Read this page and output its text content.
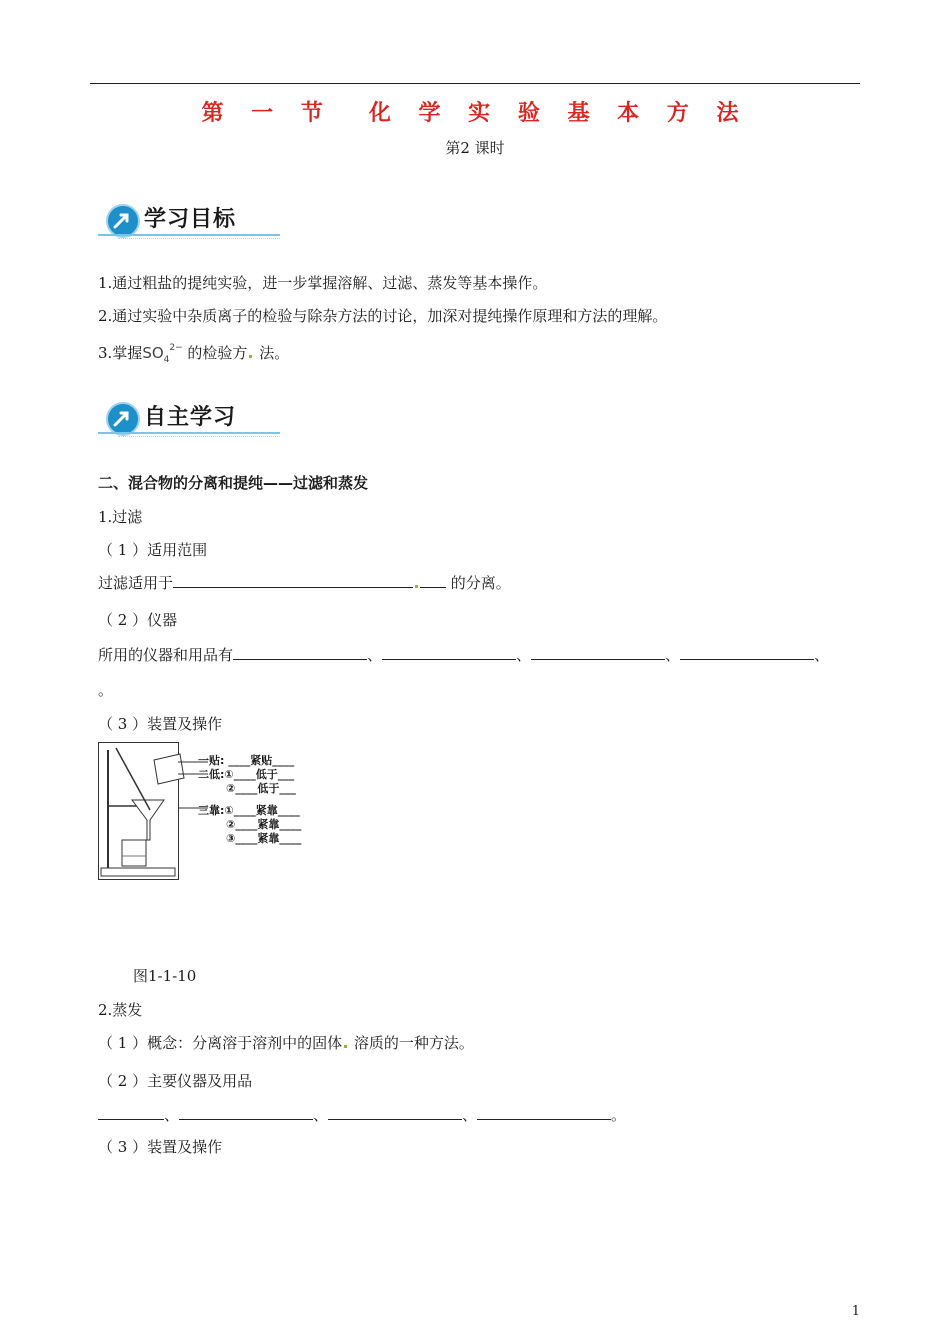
第 一 节 化 学 实 验 基 本 方 法
第2 课时
学习目标
1.通过粗盐的提纯实验，进一步掌握溶解、过滤、蒸发等基本操作。
2.通过实验中杂质离子的检验与除杂方法的讨论，加深对提纯操作原理和方法的理解。
3.掌握$SO_4^{2-}$ 的检验方 法。
自主学习
二、混合物的分离和提纯——过滤和蒸发
1.过滤
（ 1 ）适用范围
过滤适用于	的分离。
（ 2 ）仪器
所用的仪器和用品有	、	、	、	、
。
（ 3 ）装置及操作
一贴: ____紧贴____
二低:①____低于___
②____低于___
三靠:①____紧靠____
②____紧靠____
③____紧靠____
图1-1-10
2.蒸发
（ 1 ）概念：分离溶于溶剂中的固体 溶质的一种方法。
（ 2 ）主要仪器及用品
、	、	、	。
（ 3 ）装置及操作
1
